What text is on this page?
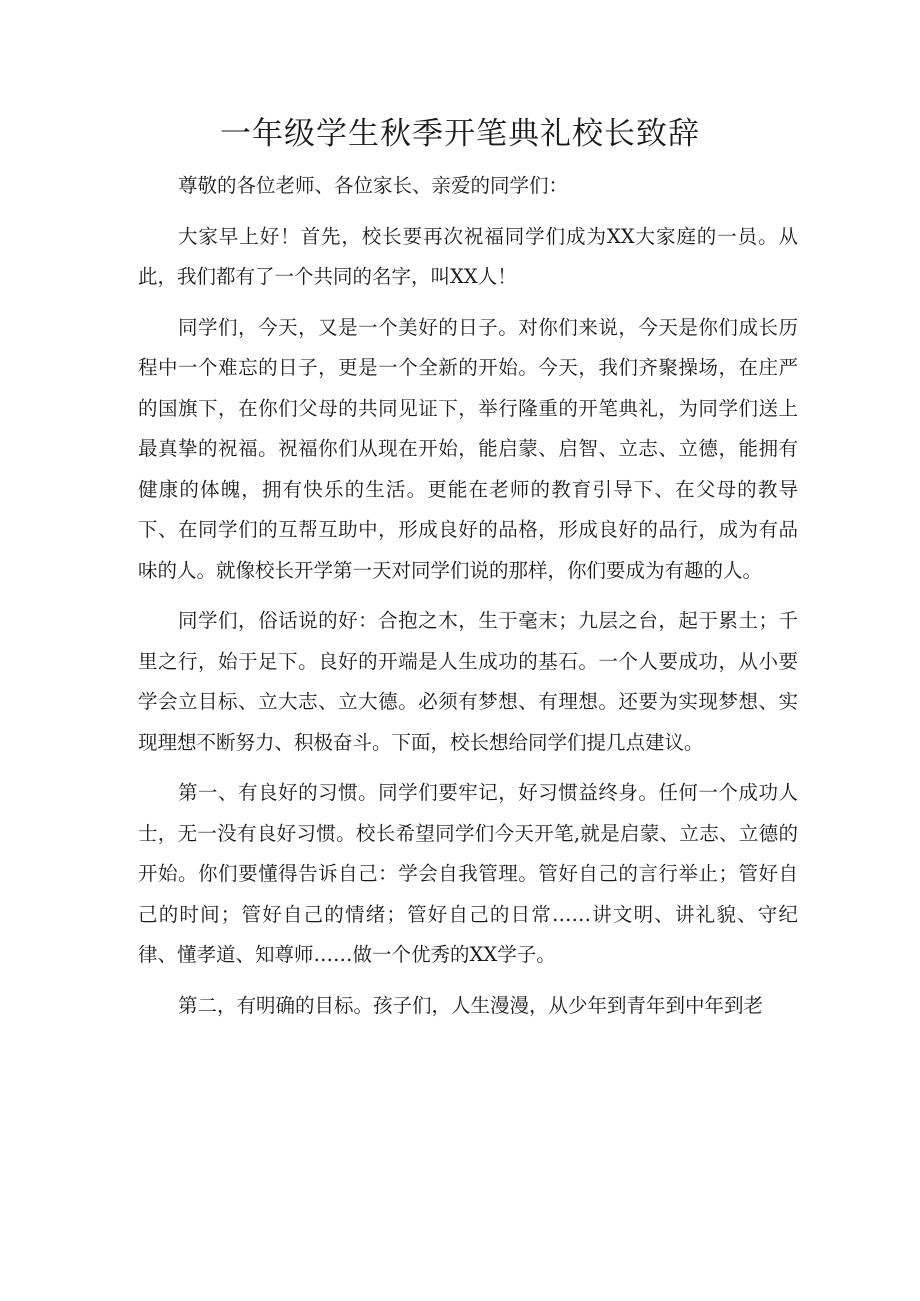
一年级学生秋季开笔典礼校长致辞

尊敬的各位老师、各位家长、亲爱的同学们：

大家早上好！首先，校长要再次祝福同学们成为XX大家庭的一员。从此，我们都有了一个共同的名字，叫XX人！

同学们，今天，又是一个美好的日子。对你们来说，今天是你们成长历程中一个难忘的日子，更是一个全新的开始。今天，我们齐聚操场，在庄严的国旗下，在你们父母的共同见证下，举行隆重的开笔典礼，为同学们送上最真挚的祝福。祝福你们从现在开始，能启蒙、启智、立志、立德，能拥有健康的体魄，拥有快乐的生活。更能在老师的教育引导下、在父母的教导下、在同学们的互帮互助中，形成良好的品格，形成良好的品行，成为有品味的人。就像校长开学第一天对同学们说的那样，你们要成为有趣的人。

同学们，俗话说的好：合抱之木，生于毫末；九层之台，起于累土；千里之行，始于足下。良好的开端是人生成功的基石。一个人要成功，从小要学会立目标、立大志、立大德。必须有梦想、有理想。还要为实现梦想、实现理想不断努力、积极奋斗。下面，校长想给同学们提几点建议。

第一、有良好的习惯。同学们要牢记，好习惯益终身。任何一个成功人士，无一没有良好习惯。校长希望同学们今天开笔,就是启蒙、立志、立德的开始。你们要懂得告诉自己：学会自我管理。管好自己的言行举止；管好自己的时间；管好自己的情绪；管好自己的日常……讲文明、讲礼貌、守纪律、懂孝道、知尊师……做一个优秀的XX学子。

第二，有明确的目标。孩子们，人生漫漫，从少年到青年到中年到老
